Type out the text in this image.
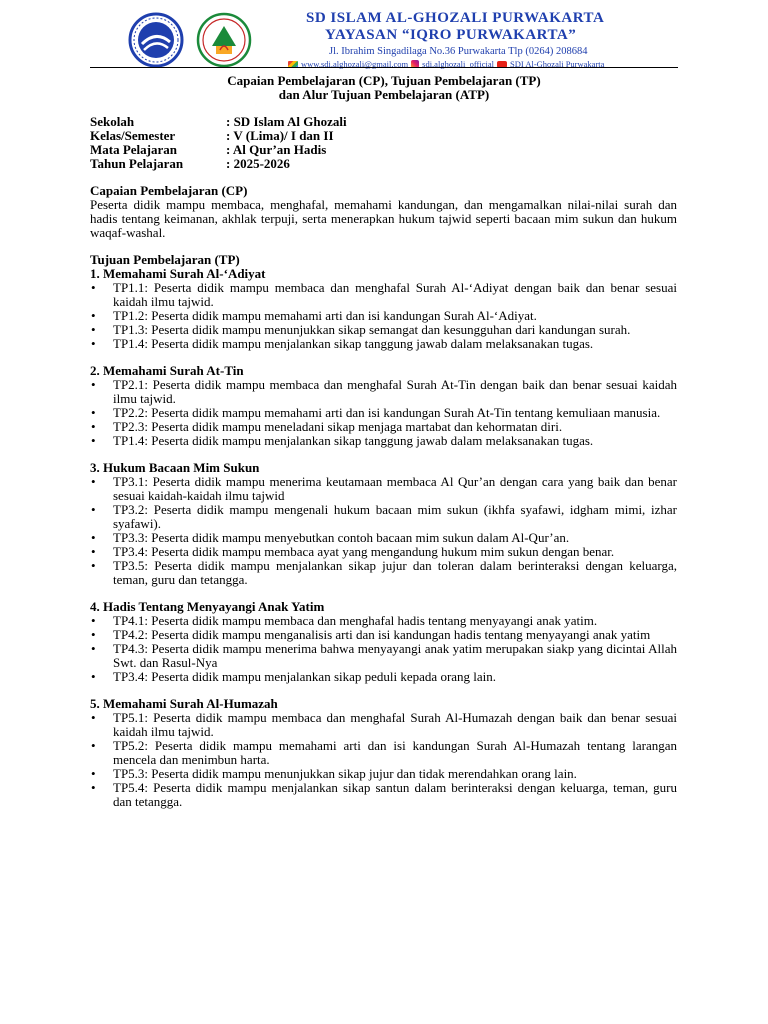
SD ISLAM AL-GHOZALI PURWAKARTA
YAYASAN “IQRO PURWAKARTA”
Jl. Ibrahim Singadilaga No.36 Purwakarta Tlp (0264) 208684
www.sdi.alghozali@gmail.com sdi.alghozali_official SDI Al-Ghozali Purwakarta
Capaian Pembelajaran (CP), Tujuan Pembelajaran (TP)
dan Alur Tujuan Pembelajaran (ATP)
Sekolah	: SD Islam Al Ghozali
Kelas/Semester	: V (Lima)/ I dan II
Mata Pelajaran	: Al Qur’an Hadis
Tahun Pelajaran	: 2025-2026
Capaian Pembelajaran (CP)
Peserta didik mampu membaca, menghafal, memahami kandungan, dan mengamalkan nilai-nilai surah dan hadis tentang keimanan, akhlak terpuji, serta menerapkan hukum tajwid seperti bacaan mim sukun dan hukum waqaf-washal.
Tujuan Pembelajaran (TP)
1. Memahami Surah Al-‘Adiyat
• TP1.1: Peserta didik mampu membaca dan menghafal Surah Al-‘Adiyat dengan baik dan benar sesuai kaidah ilmu tajwid.
• TP1.2: Peserta didik mampu memahami arti dan isi kandungan Surah Al-‘Adiyat.
• TP1.3: Peserta didik mampu menunjukkan sikap semangat dan kesungguhan dari kandungan surah.
• TP1.4: Peserta didik mampu menjalankan sikap tanggung jawab dalam melaksanakan tugas.
2. Memahami Surah At-Tin
• TP2.1: Peserta didik mampu membaca dan menghafal Surah At-Tin dengan baik dan benar sesuai kaidah ilmu tajwid.
• TP2.2: Peserta didik mampu memahami arti dan isi kandungan Surah At-Tin tentang kemuliaan manusia.
• TP2.3: Peserta didik mampu meneladani sikap menjaga martabat dan kehormatan diri.
• TP1.4: Peserta didik mampu menjalankan sikap tanggung jawab dalam melaksanakan tugas.
3. Hukum Bacaan Mim Sukun
• TP3.1: Peserta didik mampu menerima keutamaan membaca Al Qur’an dengan cara yang baik dan benar sesuai kaidah-kaidah ilmu tajwid
• TP3.2: Peserta didik mampu mengenali hukum bacaan mim sukun (ikhfa syafawi, idgham mimi, izhar syafawi).
• TP3.3: Peserta didik mampu menyebutkan contoh bacaan mim sukun dalam Al-Qur’an.
• TP3.4: Peserta didik mampu membaca ayat yang mengandung hukum mim sukun dengan benar.
• TP3.5: Peserta didik mampu menjalankan sikap jujur dan toleran dalam berinteraksi dengan keluarga, teman, guru dan tetangga.
4. Hadis Tentang Menyayangi Anak Yatim
• TP4.1: Peserta didik mampu membaca dan menghafal hadis tentang menyayangi anak yatim.
• TP4.2: Peserta didik mampu menganalisis arti dan isi kandungan hadis tentang menyayangi anak yatim
• TP4.3: Peserta didik mampu menerima bahwa menyayangi anak yatim merupakan siakp yang dicintai Allah Swt. dan Rasul-Nya
• TP3.4: Peserta didik mampu menjalankan sikap peduli kepada orang lain.
5. Memahami Surah Al-Humazah
• TP5.1: Peserta didik mampu membaca dan menghafal Surah Al-Humazah dengan baik dan benar sesuai kaidah ilmu tajwid.
• TP5.2: Peserta didik mampu memahami arti dan isi kandungan Surah Al-Humazah tentang larangan mencela dan menimbun harta.
• TP5.3: Peserta didik mampu menunjukkan sikap jujur dan tidak merendahkan orang lain.
• TP5.4: Peserta didik mampu menjalankan sikap santun dalam berinteraksi dengan keluarga, teman, guru dan tetangga.
